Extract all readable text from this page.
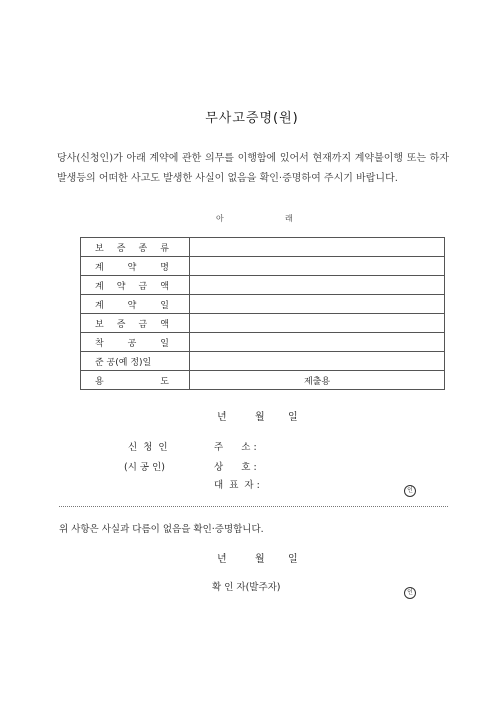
무사고증명(원)
당사(신청인)가 아래 계약에 관한 의무를 이행함에 있어서 현재까지 계약불이행 또는 하자발생등의 어떠한 사고도 발생한 사실이 없음을 확인·증명하여 주시기 바랍니다.
아	래
보 증 종 류	

계 약 명	

계 약 금 액	

계 약 일	

보 증 금 액	

착 공 일	

준 공(예 정)일	

용 도	제출용
년	월 일
신  청  인
(시 공 인)
주      소 :
상      호 :
대  표  자 :	인
위 사항은 사실과 다름이 없음을 확인·증명합니다.
년	월 일
확 인 자(발주자)	인
